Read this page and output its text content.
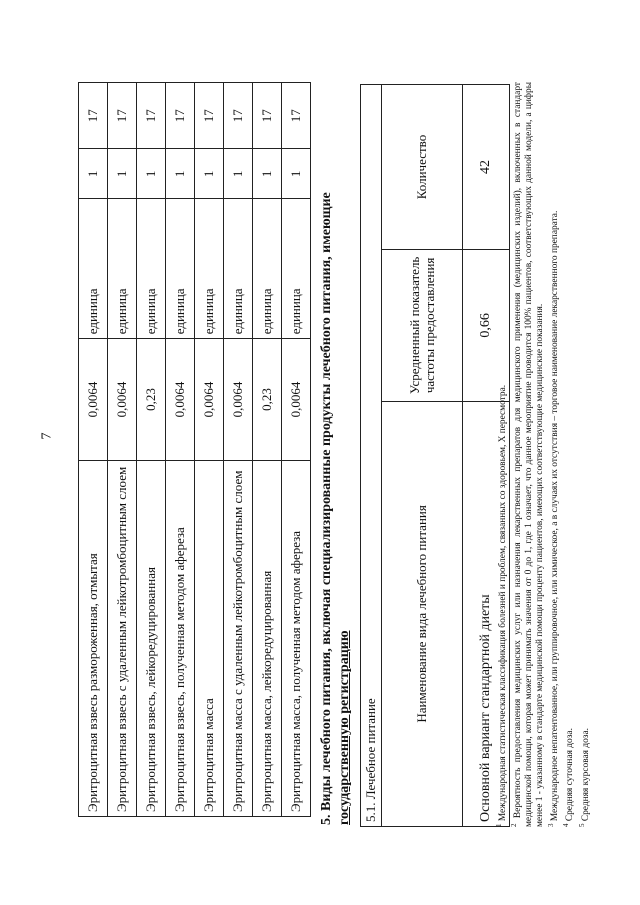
7
Эритроцитная взвесь размороженная, отмытая	0,0064	единица	1	17
Эритроцитная взвесь с удаленным лейкотромбоцитным слоем	0,0064	единица	1	17
Эритроцитная взвесь, лейкоредуцированная	0,23	единица	1	17
Эритроцитная взвесь, полученная методом афереза	0,0064	единица	1	17
Эритроцитная масса	0,0064	единица	1	17
Эритроцитная масса с удаленным лейкотромбоцитным слоем	0,0064	единица	1	17
Эритроцитная масса, лейкоредуцированная	0,23	единица	1	17
Эритроцитная масса, полученная методом афереза	0,0064	единица	1	17
5. Виды лечебного питания, включая специализированные продукты лечебного питания, имеющие государственную регистрацию 5.1. Лечебное питание		
Наименование вида лечебного питания	Усредненный показатель частоты предоставления	Количество
Основной вариант стандартной диеты	0,66	42

$^1$ Международная статистическая классификация болезней и проблем, связанных со здоровьем, X пересмотра.

$^2$ Вероятность предоставления медицинских услуг или назначения лекарственных препаратов для медицинского применения (медицинских изделий), включенных в стандарт медицинской помощи, которая может принимать значения от 0 до 1, где 1 означает, что данное мероприятие проводится 100% пациентов, соответствующих данной модели, а цифры менее 1 - указанному в стандарте медицинской помощи проценту пациентов, имеющих соответствующие медицинские показания. $^3$ Международное непатентованное, или группировочное, или химическое, а в случаях их отсутствия – торговое наименование лекарственного препарата.

$^4$ Средняя суточная доза.

$^5$ Средняя курсовая доза.
